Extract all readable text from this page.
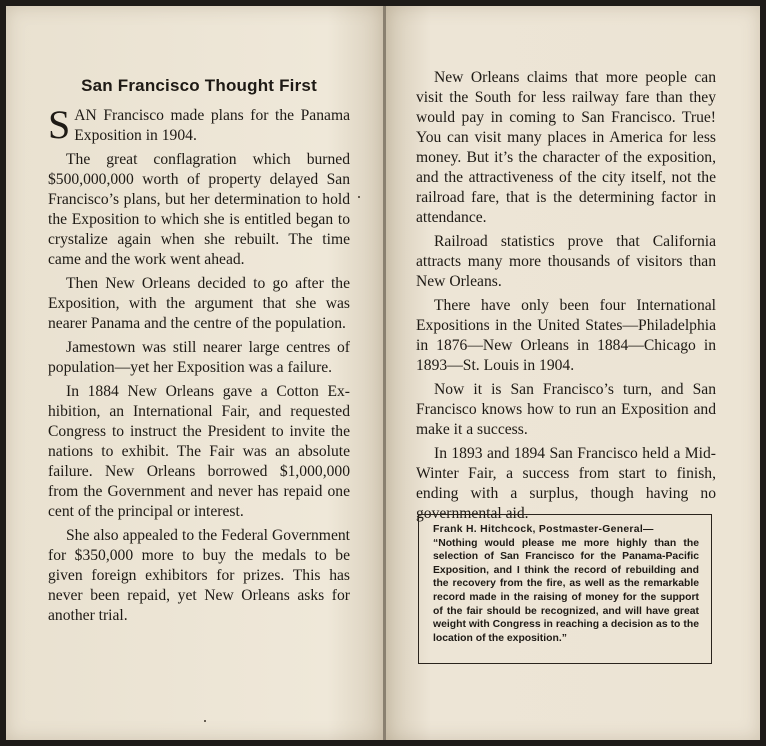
San Francisco Thought First

SAN Francisco made plans for the Panama Exposition in 1904.

The great conflagration which burned $500,000,000 worth of property delayed San Francisco’s plans, but her determination to hold the Exposition to which she is entitled began to crystalize again when she rebuilt. The time came and the work went ahead.

Then New Orleans decided to go after the Exposition, with the argument that she was nearer Panama and the centre of the population.

Jamestown was still nearer large centres of population—yet her Exposition was a failure.

In 1884 New Orleans gave a Cotton Exhibition, an International Fair, and requested Congress to instruct the President to invite the nations to exhibit. The Fair was an absolute failure. New Orleans borrowed $1,000,000 from the Government and never has repaid one cent of the principal or interest.

She also appealed to the Federal Government for $350,000 more to buy the medals to be given foreign exhibitors for prizes. This has never been repaid, yet New Orleans asks for another trial.

New Orleans claims that more people can visit the South for less railway fare than they would pay in coming to San Francisco. True! You can visit many places in America for less money. But it’s the character of the exposition, and the attractiveness of the city itself, not the railroad fare, that is the determining factor in attendance.

Railroad statistics prove that California attracts many more thousands of visitors than New Orleans.

There have only been four International Expositions in the United States—Philadelphia in 1876—New Orleans in 1884—Chicago in 1893—St. Louis in 1904.

Now it is San Francisco’s turn, and San Francisco knows how to run an Exposition and make it a success.

In 1893 and 1894 San Francisco held a Mid-Winter Fair, a success from start to finish, ending with a surplus, though having no governmental aid.

Frank H. Hitchcock, Postmaster-General—
“Nothing would please me more highly than the selection of San Francisco for the Panama-Pacific Exposition, and I think the record of rebuilding and the recovery from the fire, as well as the remarkable record made in the raising of money for the support of the fair should be recognized, and will have great weight with Congress in reaching a decision as to the location of the exposition.”
